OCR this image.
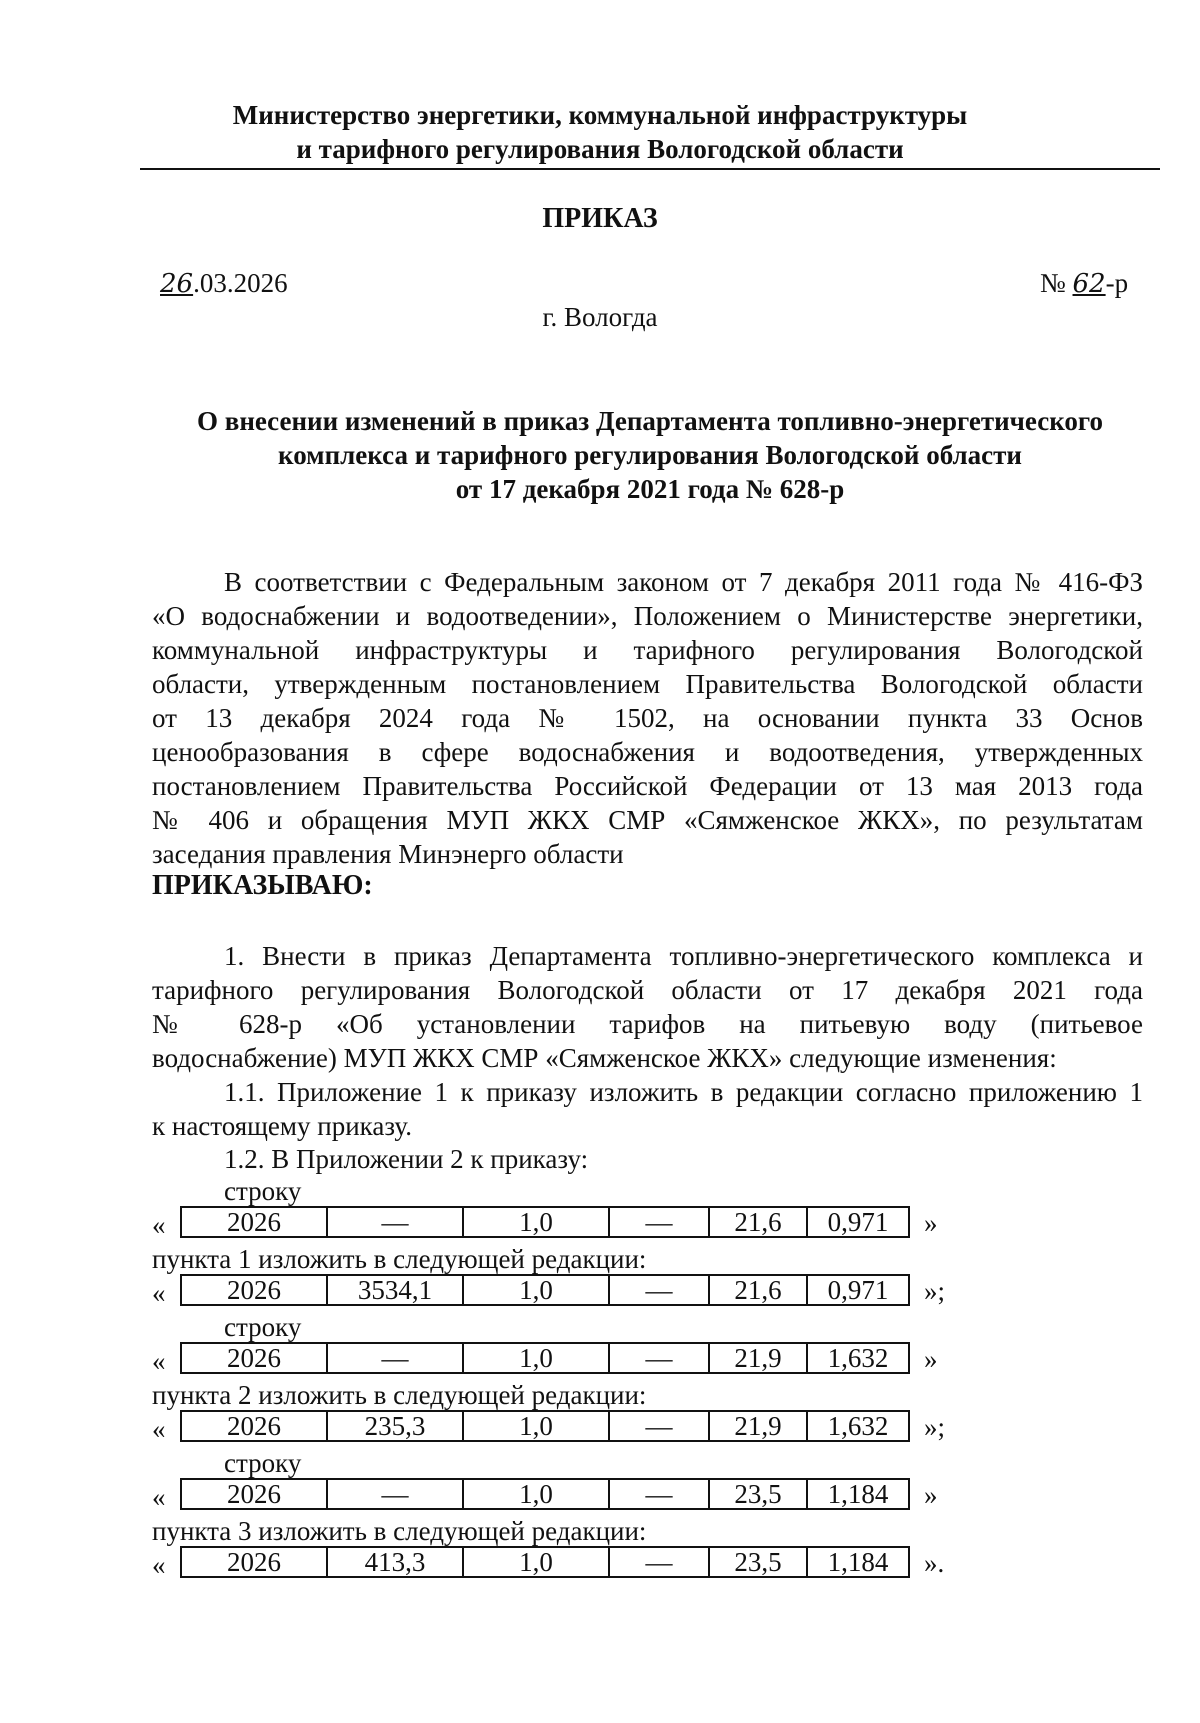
Министерство энергетики, коммунальной инфраструктуры
и тарифного регулирования Вологодской области
ПРИКАЗ
26.03.2026	№ 62-р
г. Вологда
О внесении изменений в приказ Департамента топливно-энергетического
комплекса и тарифного регулирования Вологодской области
от 17 декабря 2021 года № 628-р
В соответствии с Федеральным законом от 7 декабря 2011 года № 416-ФЗ
«О водоснабжении и водоотведении», Положением о Министерстве энергетики,
коммунальной инфраструктуры и тарифного регулирования Вологодской
области, утвержденным постановлением Правительства Вологодской области
от 13 декабря 2024 года № 1502, на основании пункта 33 Основ
ценообразования в сфере водоснабжения и водоотведения, утвержденных
постановлением Правительства Российской Федерации от 13 мая 2013 года
№ 406 и обращения МУП ЖКХ СМР «Сямженское ЖКХ», по результатам
заседания правления Минэнерго области
ПРИКАЗЫВАЮ:
1. Внести в приказ Департамента топливно-энергетического комплекса и
тарифного регулирования Вологодской области от 17 декабря 2021 года
№ 628-р «Об установлении тарифов на питьевую воду (питьевое
водоснабжение) МУП ЖКХ СМР «Сямженское ЖКХ» следующие изменения:
1.1. Приложение 1 к приказу изложить в редакции согласно приложению 1
к настоящему приказу.
1.2. В Приложении 2 к приказу:
строку
«	2026	—	1,0	—	21,6	0,971	»
пункта 1 изложить в следующей редакции:
«	2026	3534,1	1,0	—	21,6	0,971	»;
строку
«	2026	—	1,0	—	21,9	1,632	»
пункта 2 изложить в следующей редакции:
«	2026	235,3	1,0	—	21,9	1,632	»;
строку
«	2026	—	1,0	—	23,5	1,184	»
пункта 3 изложить в следующей редакции:
«	2026	413,3	1,0	—	23,5	1,184	».
